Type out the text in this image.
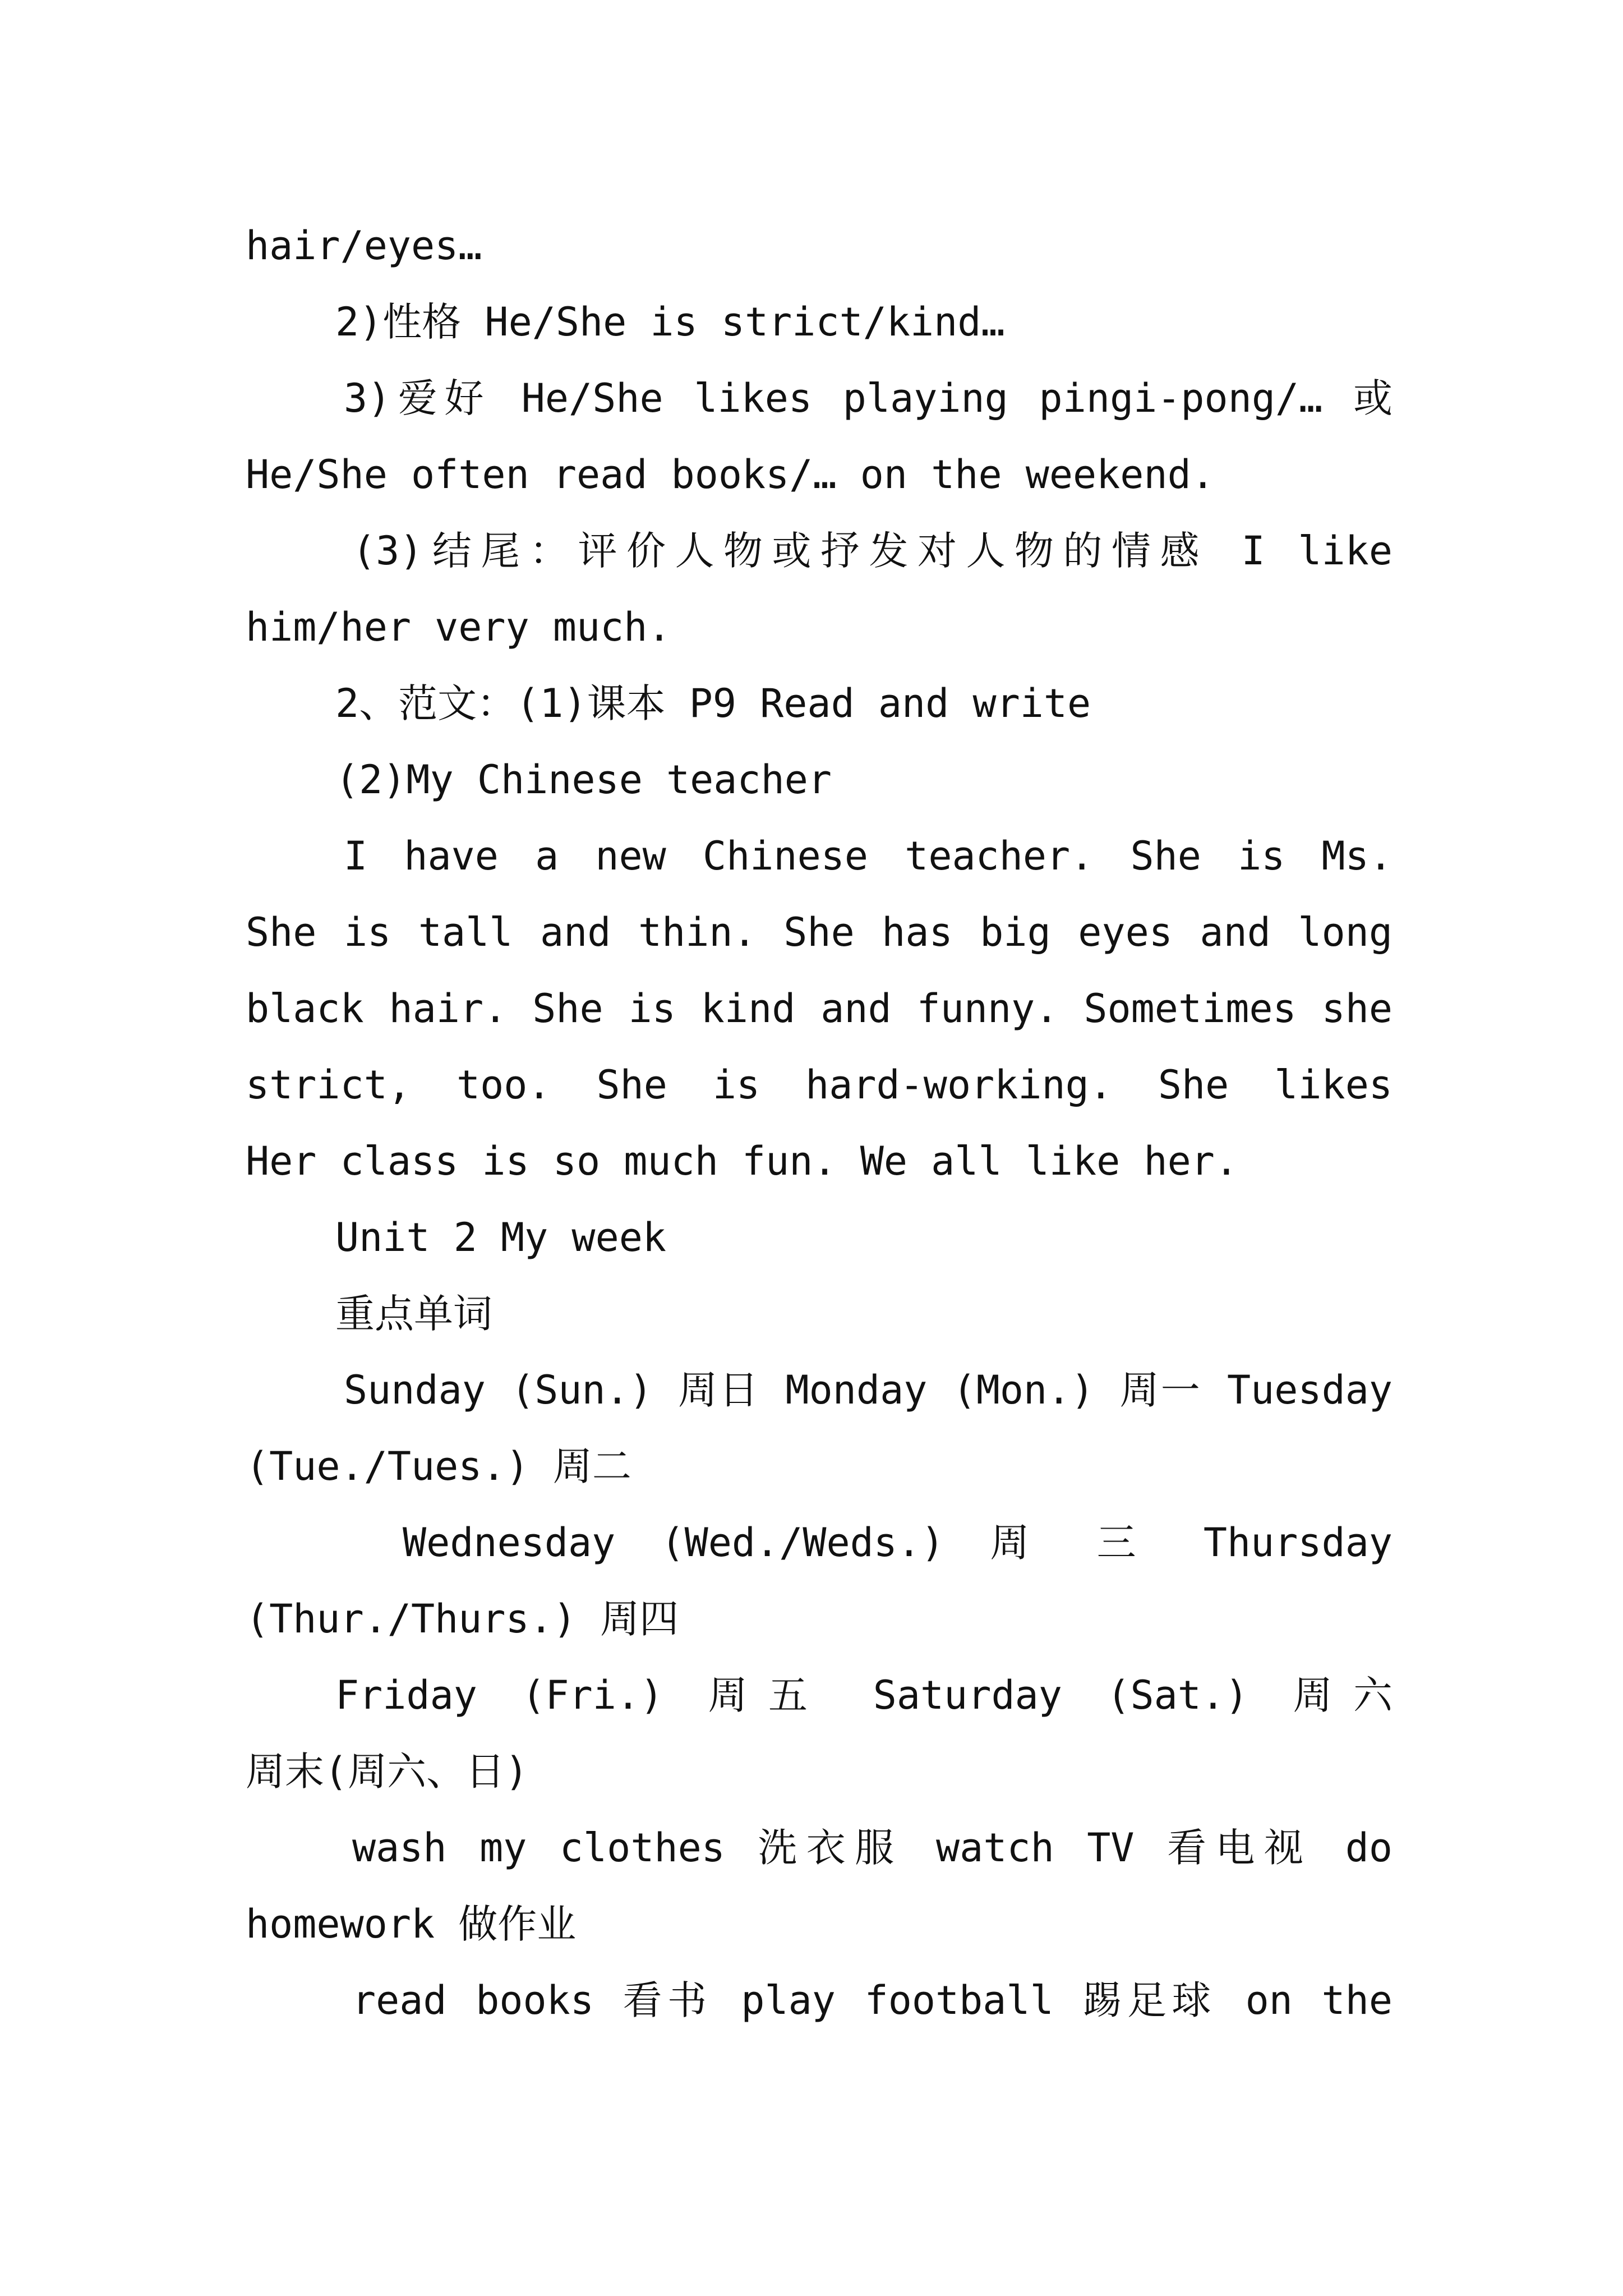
hair/eyes…
2)性格 He/She is strict/kind…
3)爱好 He/She likes playing pingi-pong/… 或
He/She often read books/… on the weekend.
(3)结尾：评价人物或抒发对人物的情感 I like
him/her very much.
2、范文：(1)课本 P9 Read and write
(2)My Chinese teacher
I have a new Chinese teacher. She is Ms.
She is tall and thin. She has big eyes and long
black hair. She is kind and funny. Sometimes she
strict, too. She is hard-working. She likes
Her class is so much fun. We all like her.
Unit 2 My week
重点单词
Sunday (Sun.) 周日 Monday (Mon.) 周一 Tuesday
(Tue./Tues.) 周二
Wednesday (Wed./Weds.) 周 三 Thursday
(Thur./Thurs.) 周四
Friday (Fri.) 周五 Saturday (Sat.) 周六
周末(周六、日)
wash my clothes 洗衣服 watch TV 看电视 do
homework 做作业
read books 看书 play football 踢足球 on the
